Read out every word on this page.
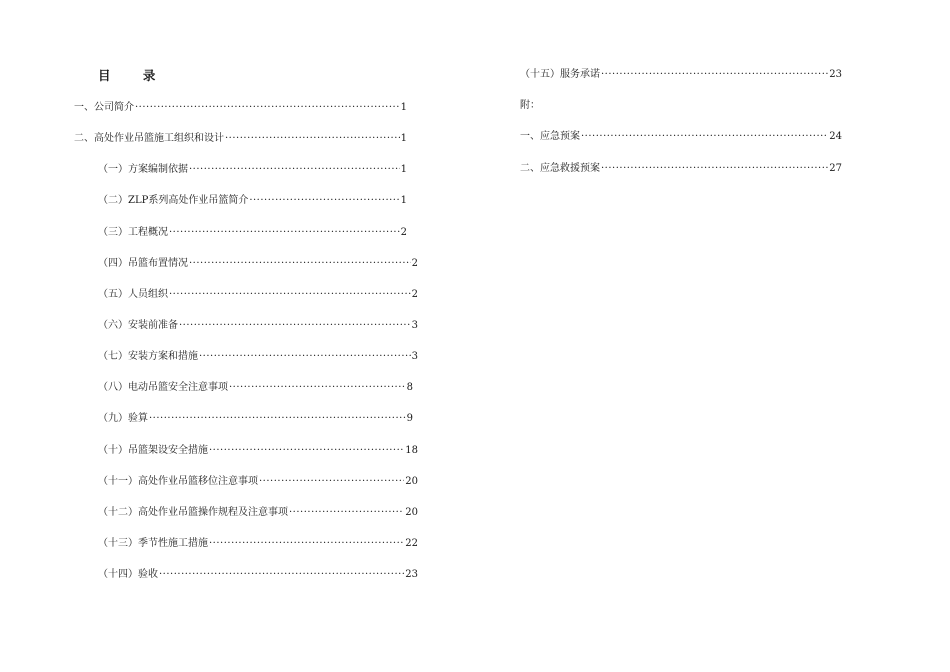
目 录
一、公司简介 ·····	1
二、高处作业吊篮施工组织和设计 ·····	1
（一）方案编制依据 ·····	1
（二）ZLP系列高处作业吊篮简介 ·····	1
（三）工程概况 ·····	2
（四）吊篮布置情况 ·····	2
（五）人员组织 ·····	2
（六）安装前准备 ·····	3
（七）安装方案和措施 ·····	3
（八）电动吊篮安全注意事项 ·····	8
（九）验算 ·····	9
（十）吊篮架设安全措施 ·····	18
（十一）高处作业吊篮移位注意事项 ·····	20
（十二）高处作业吊篮操作规程及注意事项 ·····	20
（十三）季节性施工措施 ·····	22
（十四）验收 ·····	23
（十五）服务承诺 ·····	23
附：
一、应急预案 ·····	24
二、应急救援预案 ·····	27
